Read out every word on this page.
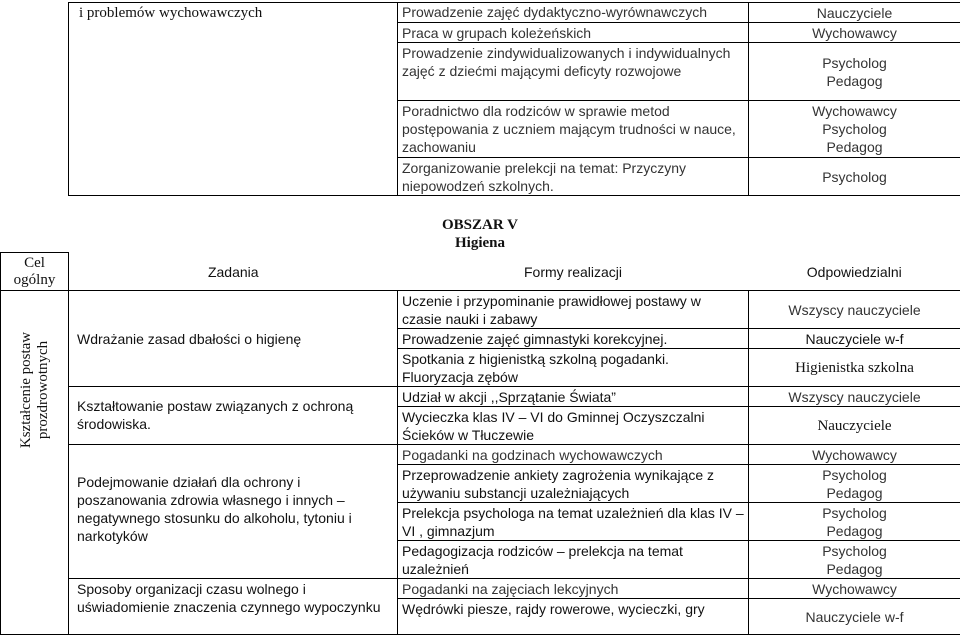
i problemów wychowawczych	Prowadzenie zajęć dydaktyczno-wyrównawczych	Nauczyciele
	Praca w grupach koleżeńskich	Wychowawcy
	Prowadzenie zindywidualizowanych i indywidualnych zajęć z dziećmi mającymi deficyty rozwojowe	Psycholog
Pedagog
	Poradnictwo dla rodziców w sprawie metod postępowania z uczniem mającym trudności w nauce, zachowaniu	Wychowawcy
Psycholog
Pedagog
	Zorganizowanie prelekcji na temat: Przyczyny niepowodzeń szkolnych.	Psycholog
OBSZAR V
Higiena
Cel ogólny	Zadania	Formy realizacji	Odpowiedzialni

Kształcenie postaw prozdrowotnych	Wdrażanie zasad dbałości o higienę	Uczenie i przypominanie prawidłowej postawy w czasie nauki i zabawy	Wszyscy nauczyciele
		Prowadzenie zajęć gimnastyki korekcyjnej.	Nauczyciele w-f
		Spotkania z higienistką szkolną pogadanki. Fluoryzacja zębów	Higienistka szkolna
	Kształtowanie postaw związanych z ochroną środowiska.	Udział w akcji ,,Sprzątanie Świata”	Wszyscy nauczyciele
		Wycieczka klas IV – VI do Gminnej Oczyszczalni Ścieków w Tłuczewie	Nauczyciele
	Podejmowanie działań dla ochrony i poszanowania zdrowia własnego i innych – negatywnego stosunku do alkoholu, tytoniu i narkotyków	Pogadanki na godzinach wychowawczych	Wychowawcy
		Przeprowadzenie ankiety zagrożenia wynikające z używaniu substancji uzależniających	Psycholog
Pedagog
		Prelekcja psychologa na temat uzależnień dla klas IV – VI , gimnazjum	Psycholog
Pedagog
		Pedagogizacja rodziców – prelekcja na temat uzależnień	Psycholog
Pedagog
	Sposoby organizacji czasu wolnego i uświadomienie znaczenia czynnego wypoczynku	Pogadanki na zajęciach lekcyjnych	Wychowawcy
		Wędrówki piesze, rajdy rowerowe, wycieczki, gry	Nauczyciele w-f
